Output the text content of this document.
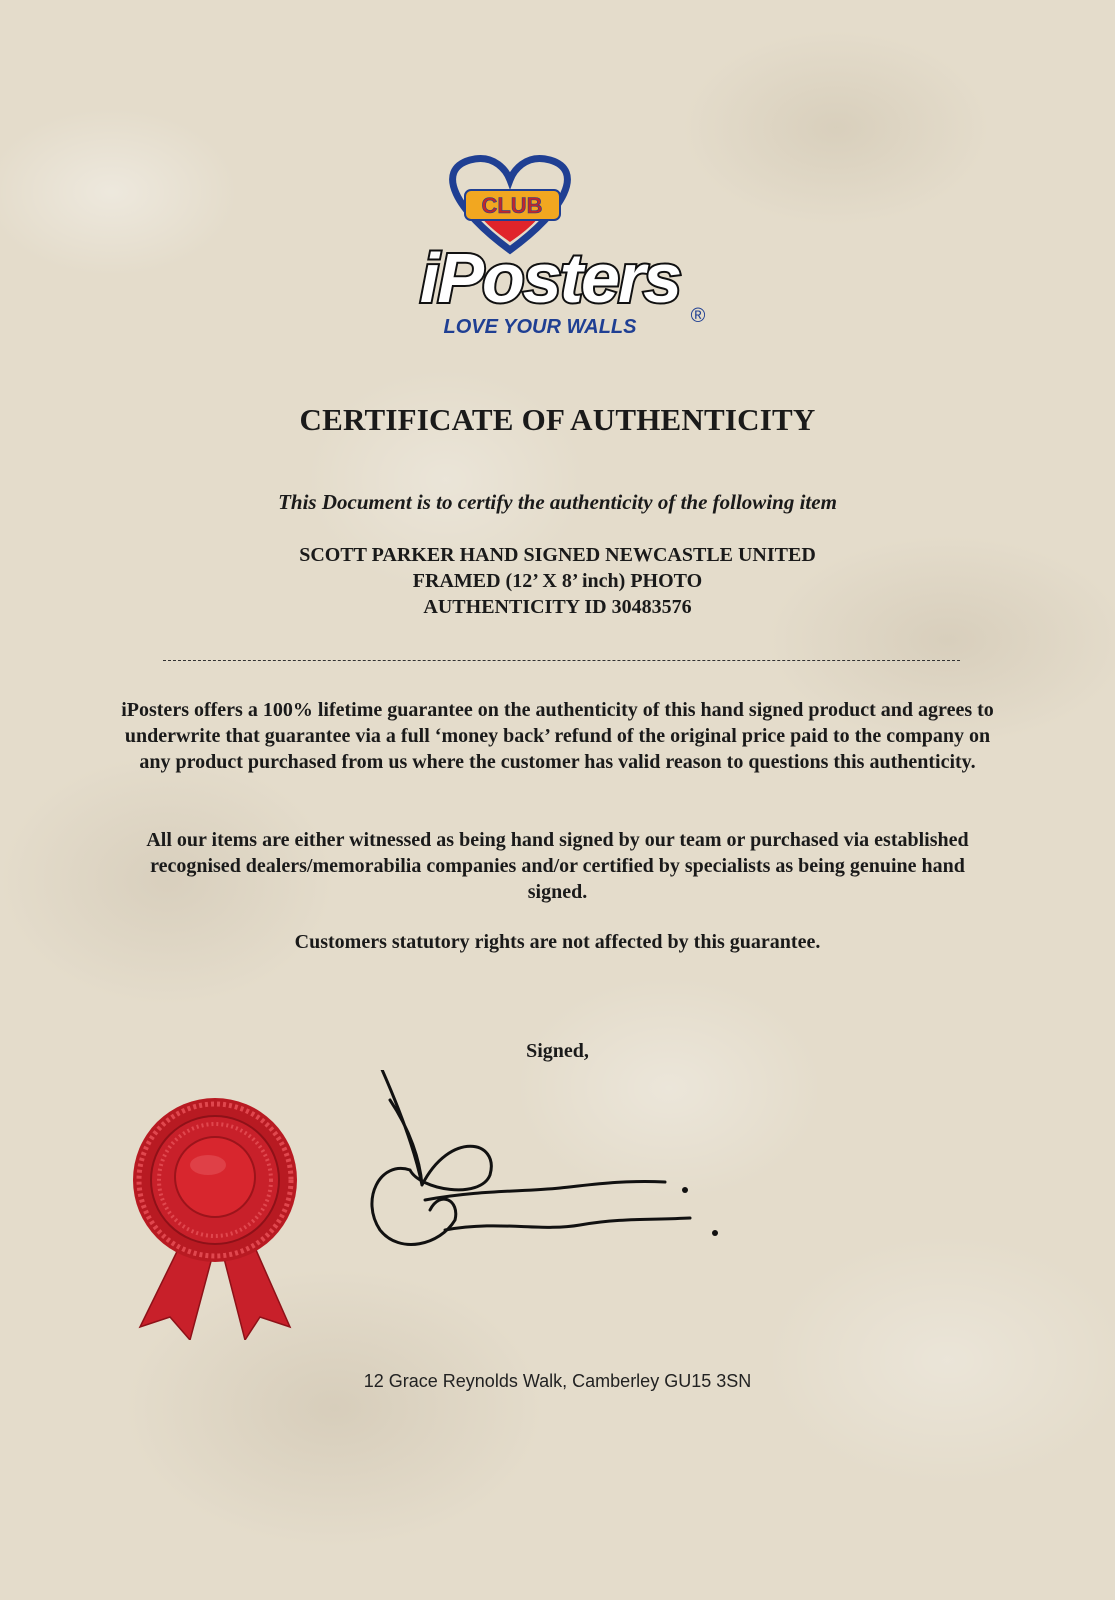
CLUB
iPosters
LOVE YOUR WALLS	®
CERTIFICATE OF AUTHENTICITY
This Document is to certify the authenticity of the following item
SCOTT PARKER HAND SIGNED NEWCASTLE UNITED
FRAMED (12’ X 8’ inch) PHOTO
AUTHENTICITY ID 30483576
iPosters offers a 100% lifetime guarantee on the authenticity of this hand signed product and agrees to underwrite that guarantee via a full ‘money back’ refund of the original price paid to the company on any product purchased from us where the customer has valid reason to questions this authenticity.
All our items are either witnessed as being hand signed by our team or purchased via established recognised dealers/memorabilia companies and/or certified by specialists as being genuine hand signed.
Customers statutory rights are not affected by this guarantee.
Signed,
12 Grace Reynolds Walk, Camberley GU15 3SN
